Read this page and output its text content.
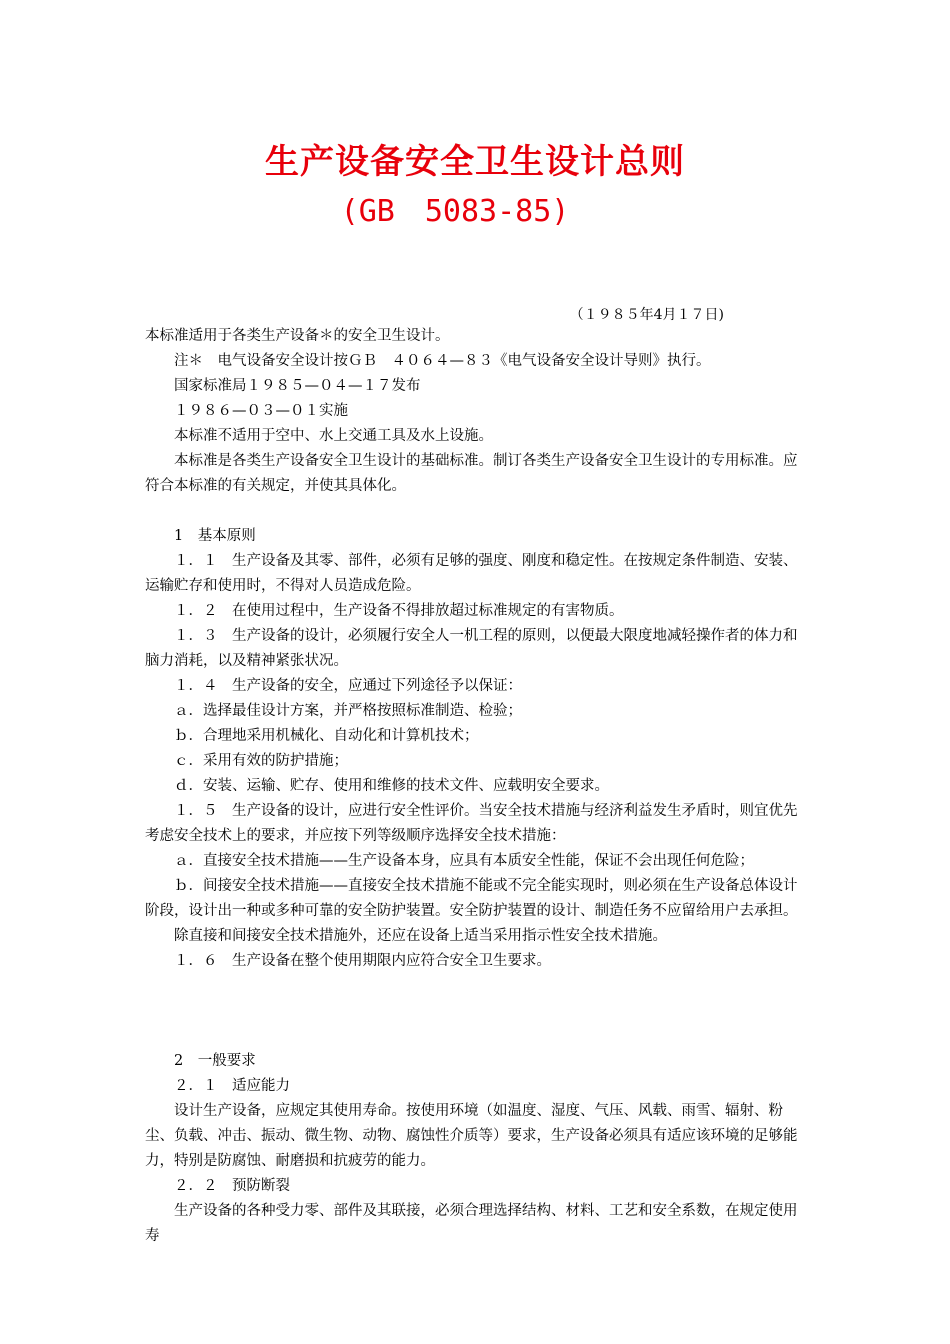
生产设备安全卫生设计总则
(GB　5083-85)
（１９８５年4月１７日)

本标准适用于各类生产设备＊的安全卫生设计。

注＊　电气设备安全设计按ＧＢ　４０６４—８３《电气设备安全设计导则》执行。

国家标准局１９８５—０４—１７发布

１９８６—０３—０１实施

本标准不适用于空中、水上交通工具及水上设施。

本标准是各类生产设备安全卫生设计的基础标准。制订各类生产设备安全卫生设计的专用标准。应符合本标准的有关规定，并使其具体化。

1　基本原则

１．１　生产设备及其零、部件，必须有足够的强度、刚度和稳定性。在按规定条件制造、安装、运输贮存和使用时，不得对人员造成危险。

１．２　在使用过程中，生产设备不得排放超过标准规定的有害物质。

１．３　生产设备的设计，必须履行安全人一机工程的原则，以便最大限度地减轻操作者的体力和脑力消耗，以及精神紧张状况。

１．４　生产设备的安全，应通过下列途径予以保证：

ａ．选择最佳设计方案，并严格按照标准制造、检验；

ｂ．合理地采用机械化、自动化和计算机技术；

ｃ．采用有效的防护措施；

ｄ．安装、运输、贮存、使用和维修的技术文件、应载明安全要求。

１．５　生产设备的设计，应进行安全性评价。当安全技术措施与经济利益发生矛盾时，则宜优先考虑安全技术上的要求，并应按下列等级顺序选择安全技术措施：

ａ．直接安全技术措施——生产设备本身，应具有本质安全性能，保证不会出现任何危险；

ｂ．间接安全技术措施——直接安全技术措施不能或不完全能实现时，则必须在生产设备总体设计阶段，设计出一种或多种可靠的安全防护装置。安全防护装置的设计、制造任务不应留给用户去承担。

除直接和间接安全技术措施外，还应在设备上适当采用指示性安全技术措施。

１．６　生产设备在整个使用期限内应符合安全卫生要求。

2　一般要求

２．１　适应能力

设计生产设备，应规定其使用寿命。按使用环境（如温度、湿度、气压、风载、雨雪、辐射、粉尘、负载、冲击、振动、微生物、动物、腐蚀性介质等）要求，生产设备必须具有适应该环境的足够能力，特别是防腐蚀、耐磨损和抗疲劳的能力。

２．２　预防断裂

生产设备的各种受力零、部件及其联接，必须合理选择结构、材料、工艺和安全系数，在规定使用寿
